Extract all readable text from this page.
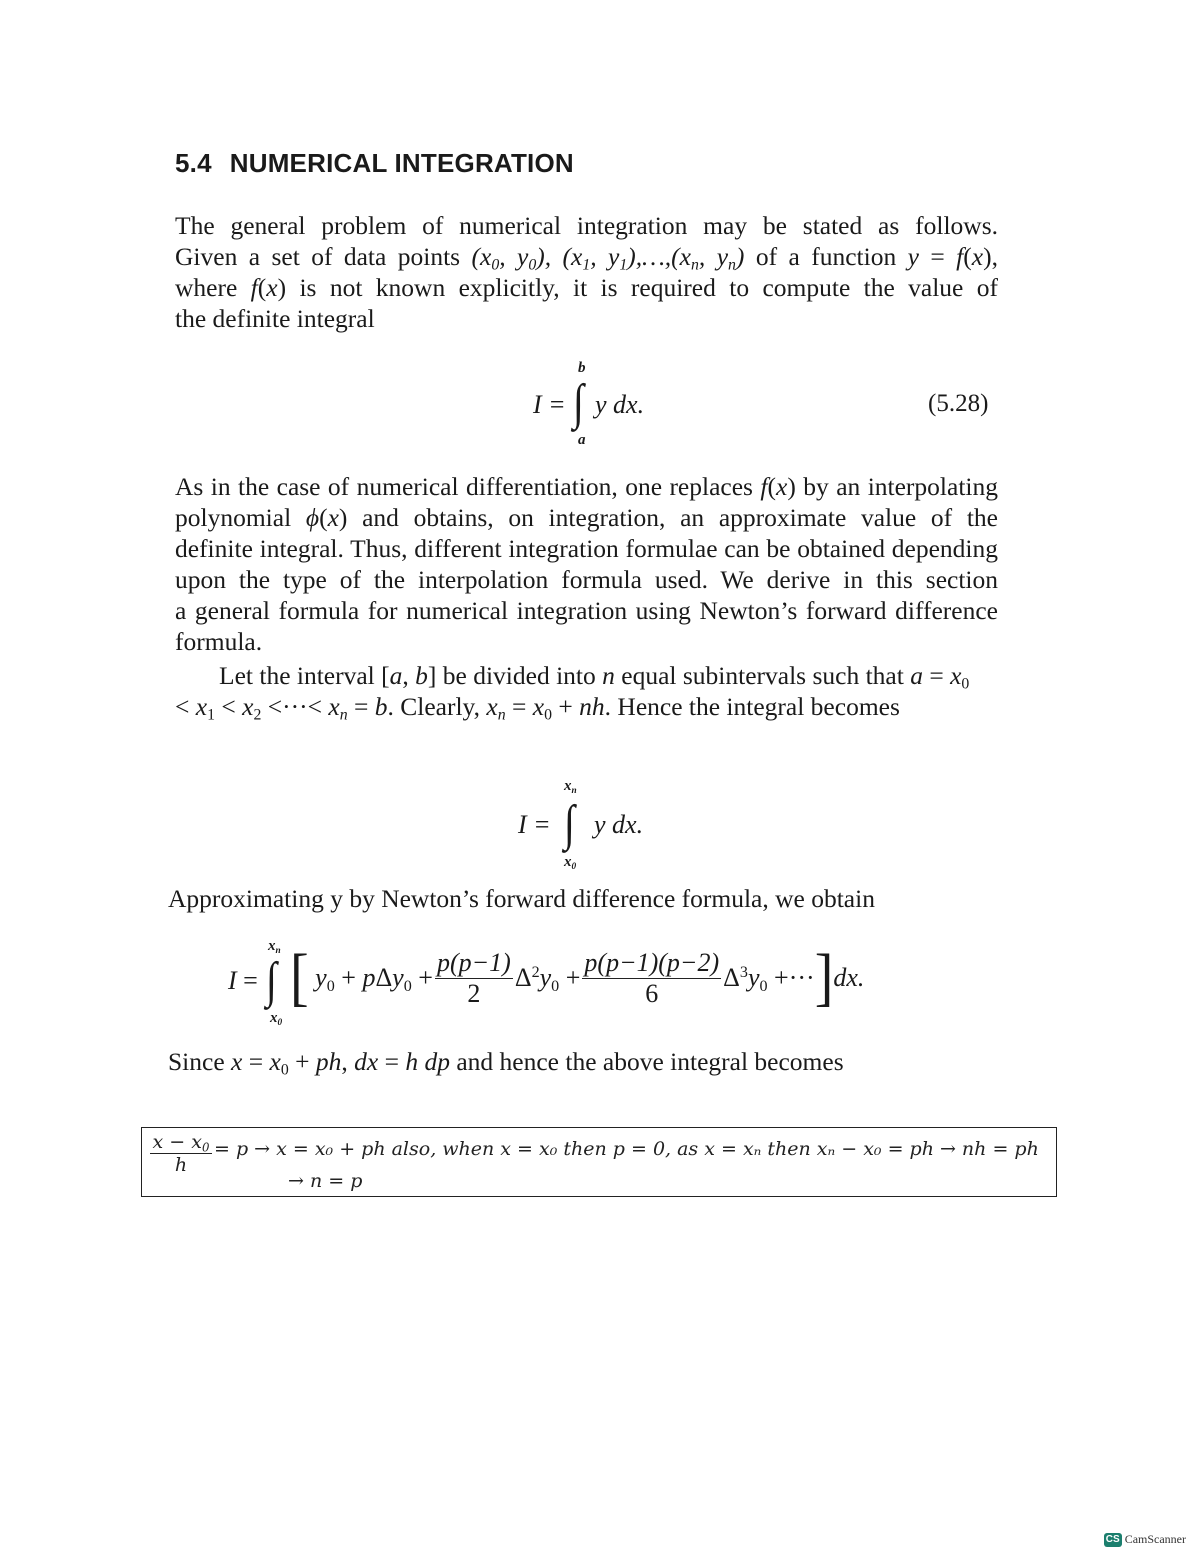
5.4 NUMERICAL INTEGRATION
The general problem of numerical integration may be stated as follows.
Given a set of data points ($x_0$, $y_0$), ($x_1$, $y_1),\dots,(x_n$, $y_n$) of a function y = f(x),
where f(x) is not known explicitly, it is required to compute the value of
the definite integral
b
I = ∫ y dx.
a
(5.28)
As in the case of numerical differentiation, one replaces f(x) by an interpolating
polynomial ϕ(x) and obtains, on integration, an approximate value of the
definite integral. Thus, different integration formulae can be obtained depending
upon the type of the interpolation formula used. We derive in this section
a general formula for numerical integration using Newton’s forward difference
formula.
Let the interval [a, b] be divided into n equal subintervals such that $a = x_0$
< $x_1 < x_2$ <···< $x_n = b$. Clearly, $x_n = x_0$ + nh. Hence the integral becomes
$x_n$
I = ∫ y dx.
$x_0$
Approximating y by Newton’s forward difference formula, we obtain
$x_n$
I = ∫
$x_0$
[ $y_0 + p\Delta y_0 + \frac{p(p-1)}{2} \Delta^2y_0 + \frac{p(p-1)(p-2)}{6} \Delta^3y_0$ +··· ] dx.
Since $x = x_0$ + ph, dx = h dp and hence the above integral becomes
$x - x_0$
h
= p → x = x₀ + ph also, when x = x₀ then p = 0, as x = xₙ then xₙ − x₀ = ph → nh = ph
→ n = p
CS CamScanner
